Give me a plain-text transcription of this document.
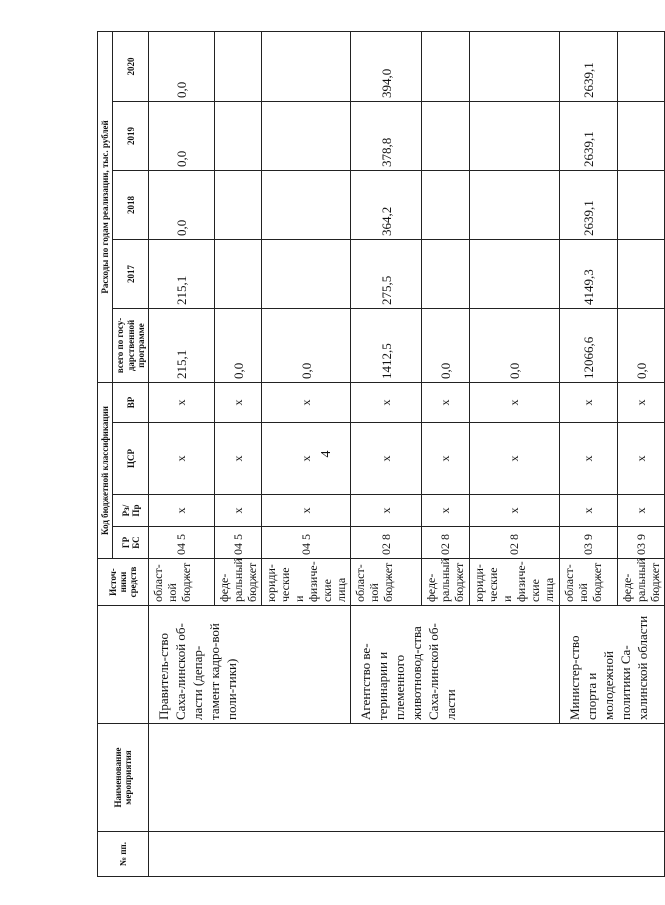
4
№ пп.	Наименование мероприятия		Источ-ники средств	Код бюджетной классификации				Расходы по годам реализации, тыс. рублей				
				ГР БС	Рз/ Пр	ЦСР	ВР	всего по госу-дарственной программе	2017	2018	2019	2020
		Правитель-ство Саха-линской об-ласти (депар-тамент кадро-вой поли-тики)	област-ной бюджет	04 5	х	х	х	215,1	215,1	0,0	0,0	0,0
			феде-ральный бюджет	04 5	х	х	х	0,0				
			юриди-ческие и физиче-ские лица	04 5	х	х	х	0,0				
		Агентство ве-теринарии и племенного животновод-ства Саха-линской об-ласти	област-ной бюджет	02 8	х	х	х	1412,5	275,5	364,2	378,8	394,0
			феде-ральный бюджет	02 8	х	х	х	0,0				
			юриди-ческие и физиче-ские лица	02 8	х	х	х	0,0				
		Министер-ство спорта и молодежной политики Са-халинской области	област-ной бюджет	03 9	х	х	х	12066,6	4149,3	2639,1	2639,1	2639,1
			феде-ральный бюджет	03 9	х	х	х	0,0				
